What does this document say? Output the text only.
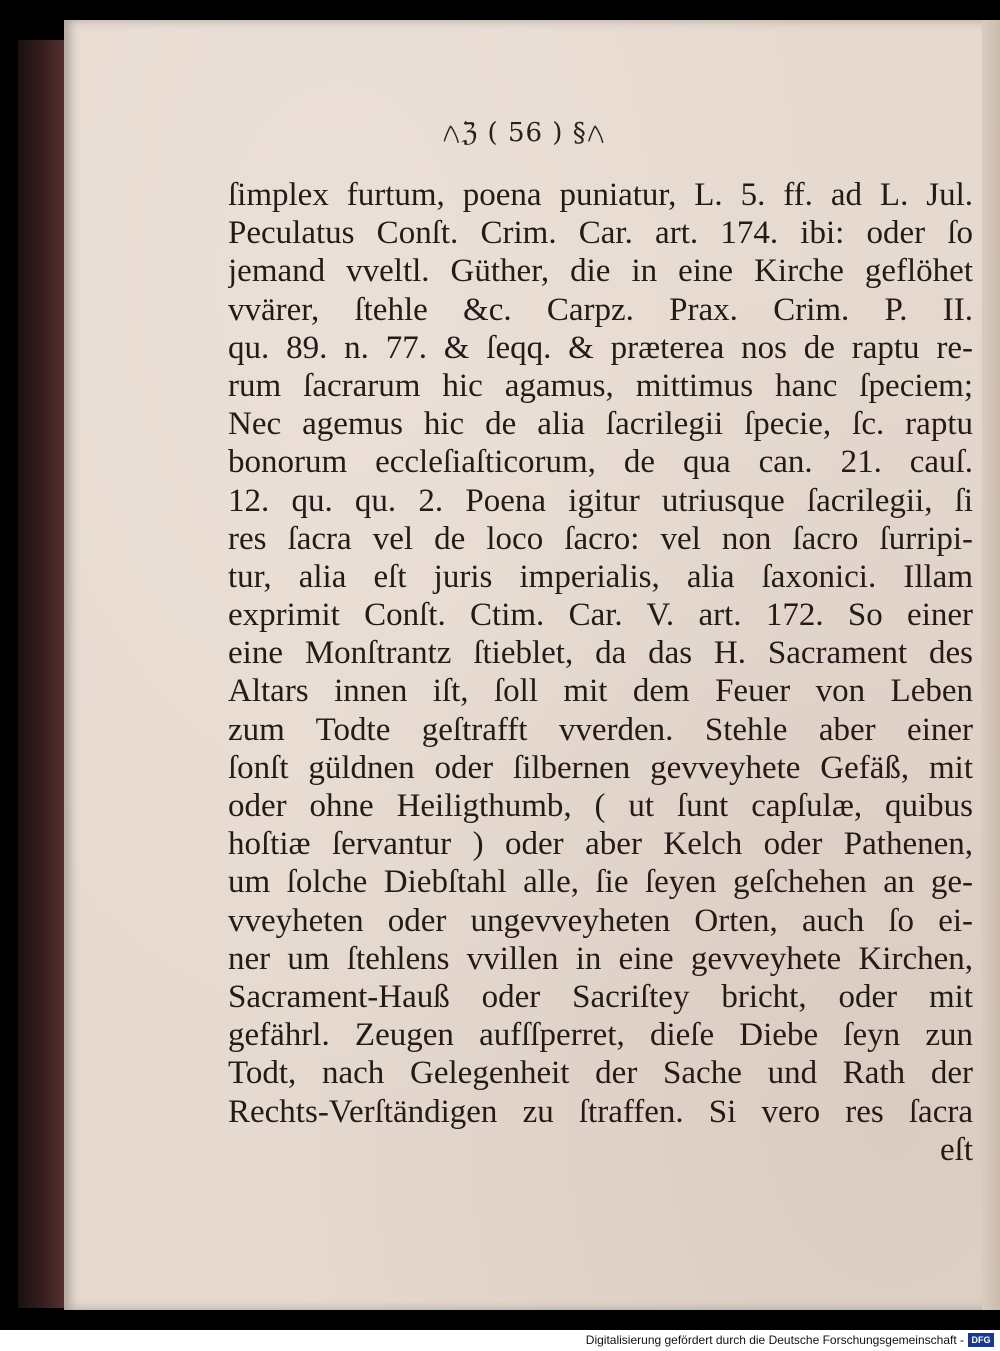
𐤂ℨ ( 56 ) §𐤂
ſimplex furtum, poena puniatur, L. 5. ff. ad L. Jul.
Peculatus Conſt. Crim. Car. art. 174. ibi: oder ſo
jemand vveltl. Güther, die in eine Kirche geflöhet
vvärer, ſtehle &c. Carpz. Prax. Crim. P. II.
qu. 89. n. 77. & ſeqq. & præterea nos de raptu re-
rum ſacrarum hic agamus, mittimus hanc ſpeciem;
Nec agemus hic de alia ſacrilegii ſpecie, ſc. raptu
bonorum eccleſiaſticorum, de qua can. 21. cauſ.
12. qu. qu. 2. Poena igitur utriusque ſacrilegii, ſi
res ſacra vel de loco ſacro: vel non ſacro ſurripi-
tur, alia eſt juris imperialis, alia ſaxonici. Illam
exprimit Conſt. Ctim. Car. V. art. 172. So einer
eine Monſtrantz ſtieblet, da das H. Sacrament des
Altars innen iſt, ſoll mit dem Feuer von Leben
zum Todte geſtrafft vverden. Stehle aber einer
ſonſt güldnen oder ſilbernen gevveyhete Gefäß, mit
oder ohne Heiligthumb, ( ut ſunt capſulæ, quibus
hoſtiæ ſervantur ) oder aber Kelch oder Pathenen,
um ſolche Diebſtahl alle, ſie ſeyen geſchehen an ge-
vveyheten oder ungevveyheten Orten, auch ſo ei-
ner um ſtehlens vvillen in eine gevveyhete Kirchen,
Sacrament-Hauß oder Sacriſtey bricht, oder mit
gefährl. Zeugen aufſſperret, dieſe Diebe ſeyn zun
Todt, nach Gelegenheit der Sache und Rath der
Rechts-Verſtändigen zu ſtraffen. Si vero res ſacra
eſt
Digitalisierung gefördert durch die Deutsche Forschungsgemeinschaft - DFG
